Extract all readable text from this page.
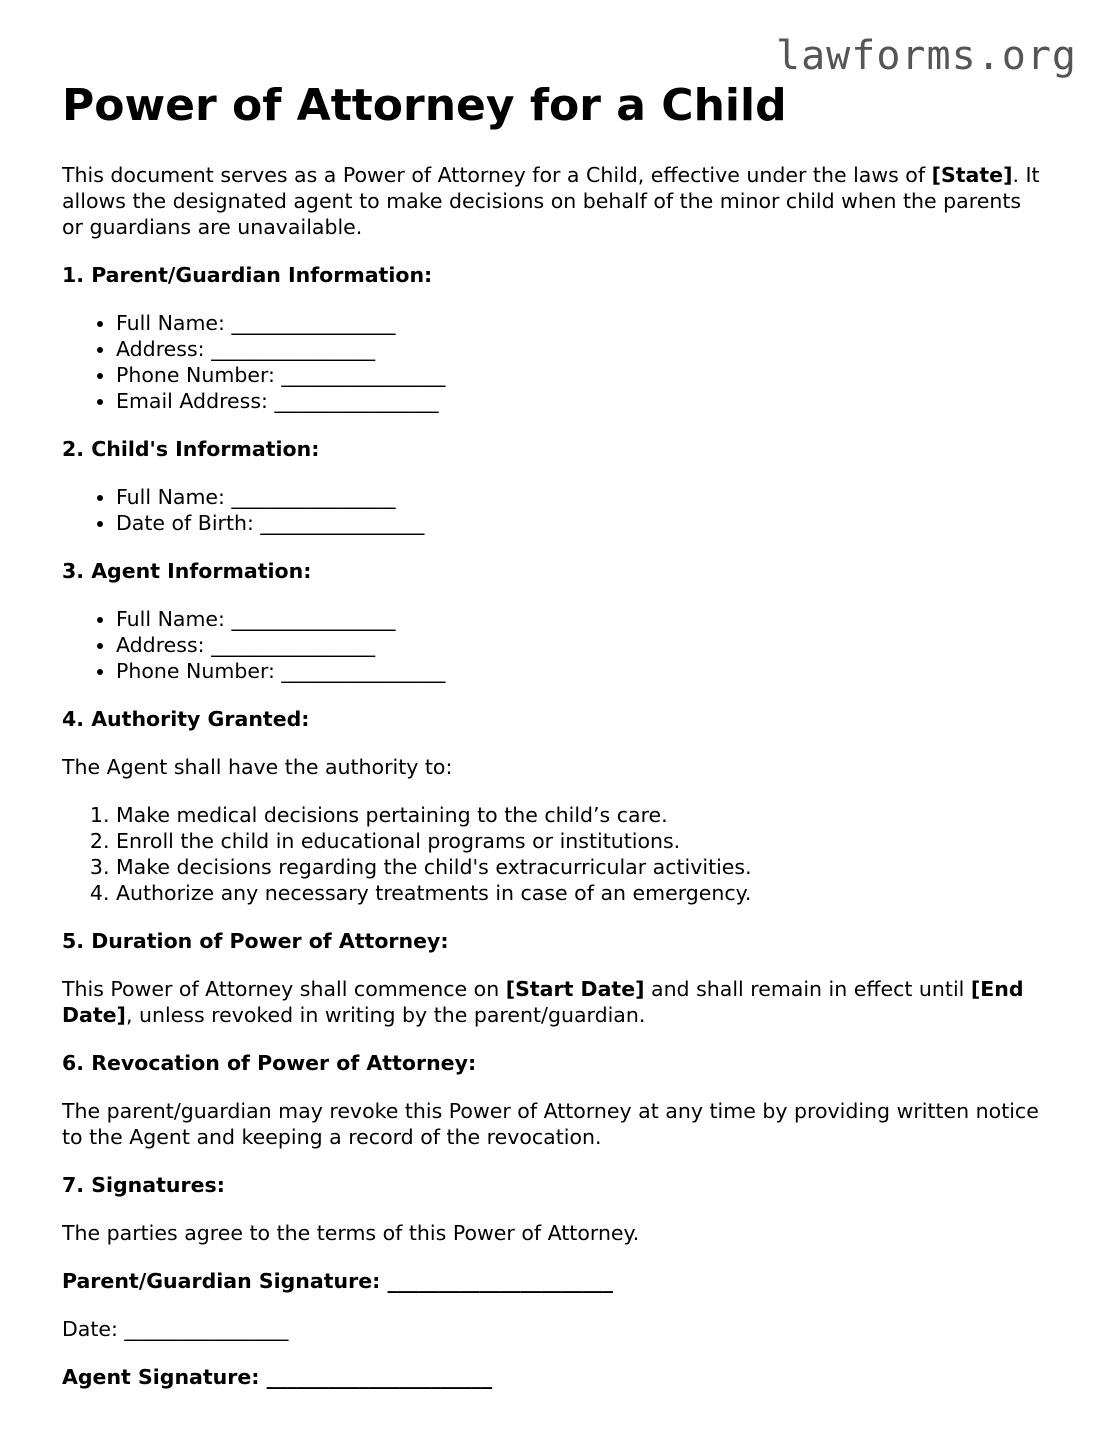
lawforms.org
Power of Attorney for a Child

This document serves as a Power of Attorney for a Child, effective under the laws of [State]. It allows the designated agent to make decisions on behalf of the minor child when the parents or guardians are unavailable.

1. Parent/Guardian Information:
• Full Name: ________________
• Address: ________________
• Phone Number: ________________
• Email Address: ________________
2. Child's Information:
• Full Name: ________________
• Date of Birth: ________________
3. Agent Information:
• Full Name: ________________
• Address: ________________
• Phone Number: ________________
4. Authority Granted:

The Agent shall have the authority to:

1. Make medical decisions pertaining to the child’s care.
2. Enroll the child in educational programs or institutions.
3. Make decisions regarding the child's extracurricular activities.
4. Authorize any necessary treatments in case of an emergency.
5. Duration of Power of Attorney:

This Power of Attorney shall commence on [Start Date] and shall remain in effect until [End Date], unless revoked in writing by the parent/guardian.

6. Revocation of Power of Attorney:

The parent/guardian may revoke this Power of Attorney at any time by providing written notice to the Agent and keeping a record of the revocation.

7. Signatures:

The parties agree to the terms of this Power of Attorney.

Parent/Guardian Signature: ______________________

Date: ________________

Agent Signature: ______________________
